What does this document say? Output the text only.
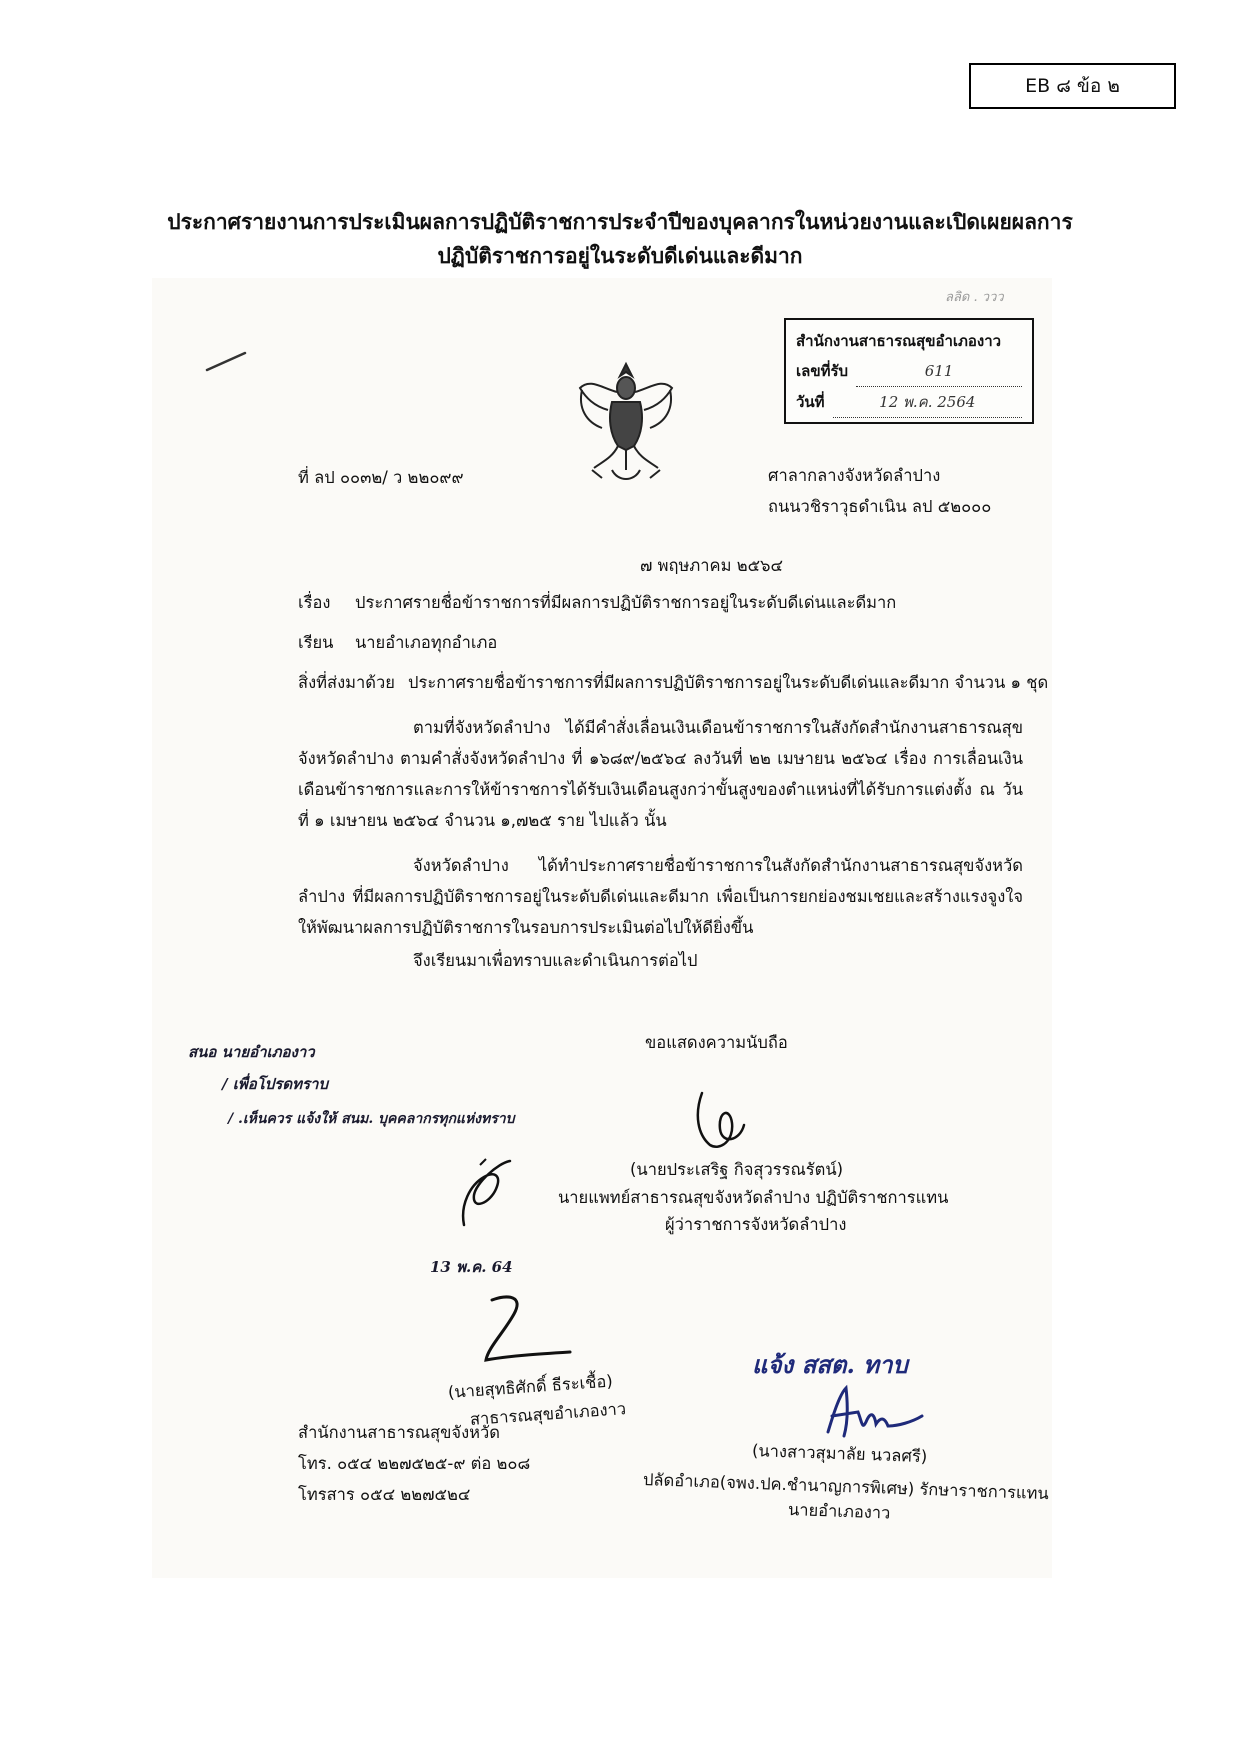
EB ๘ ข้อ ๒
ประกาศรายงานการประเมินผลการปฏิบัติราชการประจำปีของบุคลากรในหน่วยงานและเปิดเผยผลการ
ปฏิบัติราชการอยู่ในระดับดีเด่นและดีมาก
ลลิด . ววว
สำนักงานสาธารณสุขอำเภองาว
เลขที่รับ	611
วันที่	12 พ.ค. 2564
ที่ ลป ๐๐๓๒/ ว ๒๒๐๙๙	ศาลากลางจังหวัดลำปาง
ถนนวชิราวุธดำเนิน ลป ๕๒๐๐๐
๗ พฤษภาคม ๒๕๖๔
เรื่อง ประกาศรายชื่อข้าราชการที่มีผลการปฏิบัติราชการอยู่ในระดับดีเด่นและดีมาก
เรียน นายอำเภอทุกอำเภอ
สิ่งที่ส่งมาด้วย ประกาศรายชื่อข้าราชการที่มีผลการปฏิบัติราชการอยู่ในระดับดีเด่นและดีมาก จำนวน ๑ ชุด
ตามที่จังหวัดลำปาง ได้มีคำสั่งเลื่อนเงินเดือนข้าราชการในสังกัดสำนักงานสาธารณสุขจังหวัดลำปาง ตามคำสั่งจังหวัดลำปาง ที่ ๑๖๘๙/๒๕๖๔ ลงวันที่ ๒๒ เมษายน ๒๕๖๔ เรื่อง การเลื่อนเงินเดือนข้าราชการและการให้ข้าราชการได้รับเงินเดือนสูงกว่าขั้นสูงของตำแหน่งที่ได้รับการแต่งตั้ง ณ วันที่ ๑ เมษายน ๒๕๖๔ จำนวน ๑,๗๒๕ ราย ไปแล้ว นั้น
จังหวัดลำปาง ได้ทำประกาศรายชื่อข้าราชการในสังกัดสำนักงานสาธารณสุขจังหวัดลำปาง ที่มีผลการปฏิบัติราชการอยู่ในระดับดีเด่นและดีมาก เพื่อเป็นการยกย่องชมเชยและสร้างแรงจูงใจให้พัฒนาผลการปฏิบัติราชการในรอบการประเมินต่อไปให้ดียิ่งขึ้น
จึงเรียนมาเพื่อทราบและดำเนินการต่อไป
ขอแสดงความนับถือ
สนอ นายอำเภองาว
/ เพื่อโปรดทราบ
/ .เห็นควร แจ้งให้ สนม. บุคคลากรทุกแห่งทราบ
(นายประเสริฐ กิจสุวรรณรัตน์)
นายแพทย์สาธารณสุขจังหวัดลำปาง ปฏิบัติราชการแทน
ผู้ว่าราชการจังหวัดลำปาง
13 พ.ค. 64
(นายสุทธิศักดิ์ ธีระเชื้อ)
สาธารณสุขอำเภองาว
สำนักงานสาธารณสุขจังหวัด
โทร. ๐๕๔ ๒๒๗๕๒๕-๙ ต่อ ๒๐๘
โทรสาร ๐๕๔ ๒๒๗๕๒๔
แจ้ง สสต. ทาบ
(นางสาวสุมาลัย นวลศรี)
ปลัดอำเภอ(จพง.ปค.ชำนาญการพิเศษ) รักษาราชการแทน
นายอำเภองาว
